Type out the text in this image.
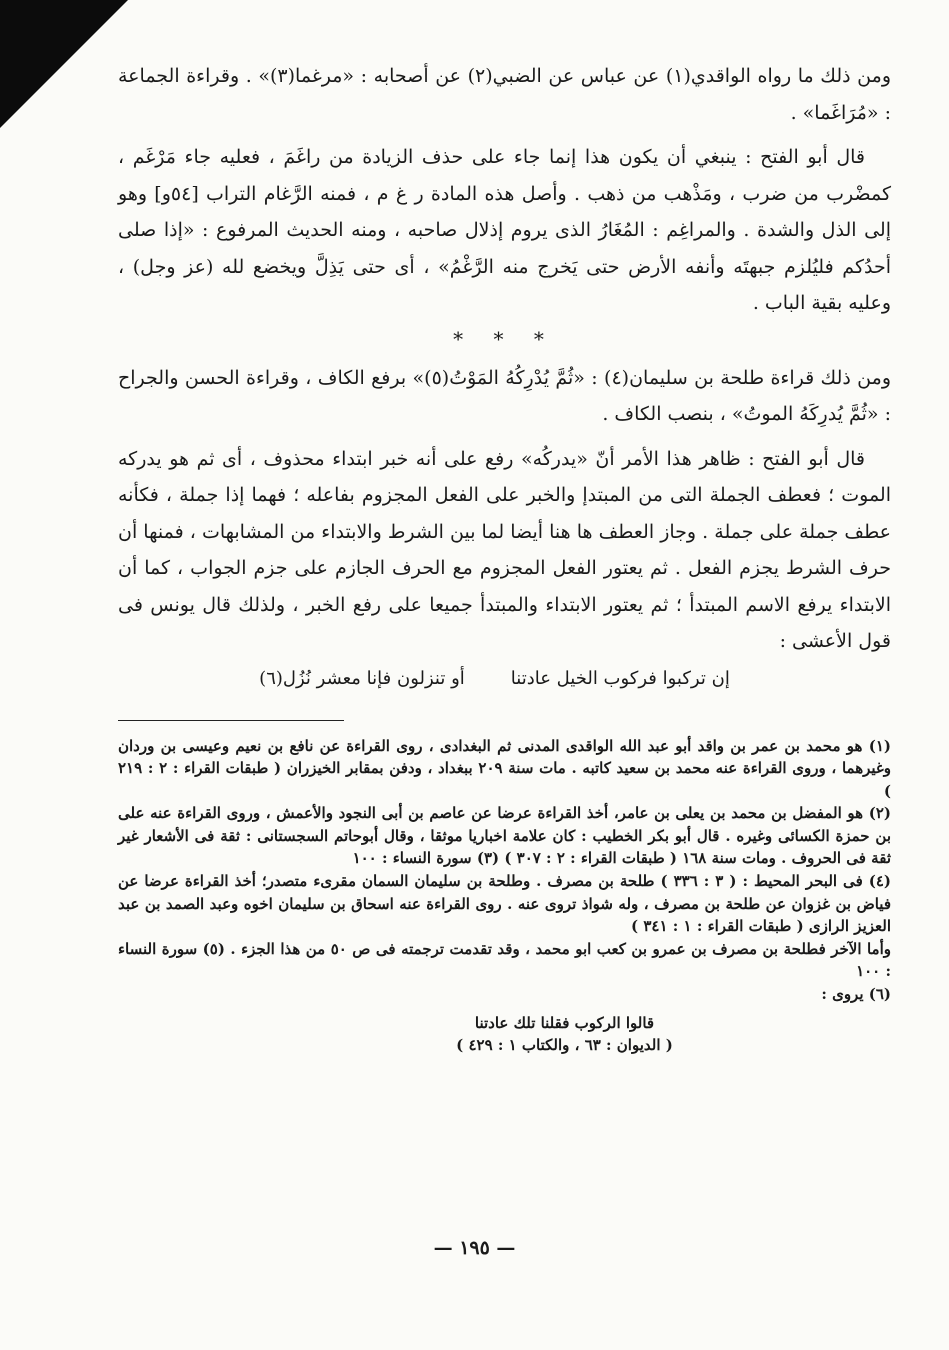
ومن ذلك ما رواه الواقدي(١) عن عباس عن الضبي(٢) عن أصحابه : «مرغما(٣)» . وقراءة الجماعة : «مُرَاغَما» .

قال أبو الفتح : ينبغي أن يكون هذا إنما جاء على حذف الزيادة من راغَمَ ، فعليه جاء مَرْغَم ، كمضْرب من ضرب ، ومَذْهب من ذهب . وأصل هذه المادة ر غ م ، فمنه الرَّغام التراب [٥٤و] وهو إلى الذل والشدة . والمراغِم : المُغَارُ الذى يروم إذلال صاحبه ، ومنه الحديث المرفوع : «إذا صلى أحدُكم فليُلزم جبهتَه وأنفه الأرض حتى يَخرج منه الرَّغْمُ» ، أى حتى يَذِلَّ ويخضع لله (عز وجل) ، وعليه بقية الباب .

* * *

ومن ذلك قراءة طلحة بن سليمان(٤) : «ثُمَّ يُدْرِكُهُ المَوْتُ(٥)» برفع الكاف ، وقراءة الحسن والجراح : «ثُمَّ يُدرِكَهُ الموتُ» ، بنصب الكاف .

قال أبو الفتح : ظاهر هذا الأمر أنّ «يدركُه» رفع على أنه خبر ابتداء محذوف ، أى ثم هو يدركه الموت ؛ فعطف الجملة التى من المبتدإ والخبر على الفعل المجزوم بفاعله ؛ فهما إذا جملة ، فكأنه عطف جملة على جملة . وجاز العطف ها هنا أيضا لما بين الشرط والابتداء من المشابهات ، فمنها أن حرف الشرط يجزم الفعل . ثم يعتور الفعل المجزوم مع الحرف الجازم على جزم الجواب ، كما أن الابتداء يرفع الاسم المبتدأ ؛ ثم يعتور الابتداء والمبتدأ جميعا على رفع الخبر ، ولذلك قال يونس فى قول الأعشى :

إن تركبوا فركوب الخيل عادتنا
أو تنزلون فإنا معشر نُزُل(٦)

(١) هو محمد بن عمر بن واقد أبو عبد الله الواقدى المدنى ثم البغدادى ، روى القراءة عن نافع بن نعيم وعيسى بن وردان وغيرهما ، وروى القراءة عنه محمد بن سعيد كاتبه . مات سنة ٢٠٩ ببغداد ، ودفن بمقابر الخيزران ( طبقات القراء : ٢ : ٢١٩ )

(٢) هو المفضل بن محمد بن يعلى بن عامر، أخذ القراءة عرضا عن عاصم بن أبى النجود والأعمش ، وروى القراءة عنه على بن حمزة الكسائى وغيره . قال أبو بكر الخطيب : كان علامة اخباريا موثقا ، وقال أبوحاتم السجستانى : ثقة فى الأشعار غير ثقة فى الحروف . ومات سنة ١٦٨ ( طبقات القراء : ٢ : ٣٠٧ ) (٣) سورة النساء : ١٠٠

(٤) فى البحر المحيط : ( ٣ : ٣٣٦ ) طلحة بن مصرف . وطلحة بن سليمان السمان مقرىء متصدر؛ أخذ القراءة عرضا عن فياض بن غزوان عن طلحة بن مصرف ، وله شواذ تروى عنه . روى القراءة عنه اسحاق بن سليمان اخوه وعبد الصمد بن عبد العزيز الرازى ( طبقات القراء : ١ : ٣٤١ )

وأما الآخر فطلحة بن مصرف بن عمرو بن كعب ابو محمد ، وقد تقدمت ترجمته فى ص ٥٠ من هذا الجزء . (٥) سورة النساء : ١٠٠

(٦) يروى :

قالوا الركوب فقلنا تلك عادتنا

( الديوان : ٦٣ ، والكتاب ١ : ٤٢٩ )

— ١٩٥ —
